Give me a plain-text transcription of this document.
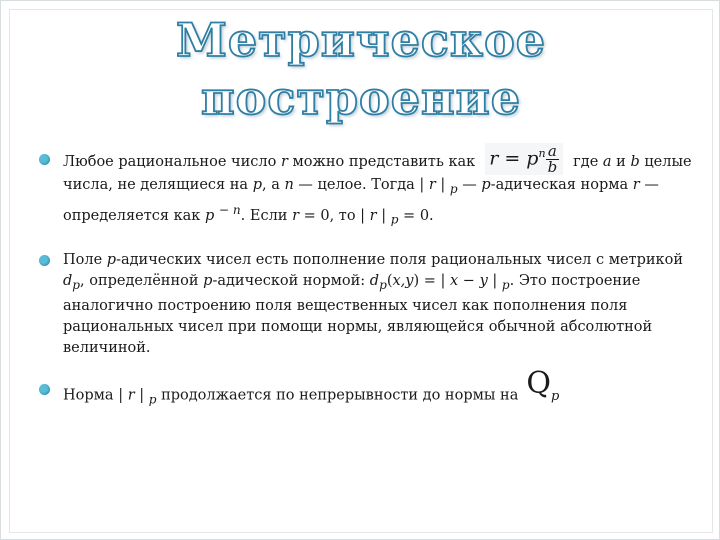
Метрическое
построение
Любое рациональное число r можно представить как $r = p^n \frac{a}{b}$ где a и b целые числа, не делящиеся на p, а n — целое. Тогда | r | $_p$ — p-адическая норма r — определяется как p $^{- n}$. Если r = 0, то | r | $_p$ = 0.
Поле p-адических чисел есть пополнение поля рациональных чисел с метрикой $d_p$, определённой p-адической нормой: $d_p(x,y)$ = | x − y | $_p$. Это построение аналогично построению поля вещественных чисел как пополнения поля рациональных чисел при помощи нормы, являющейся обычной абсолютной величиной.
Норма | r | $_p$ продолжается по непрерывности до нормы на $Q_p$
